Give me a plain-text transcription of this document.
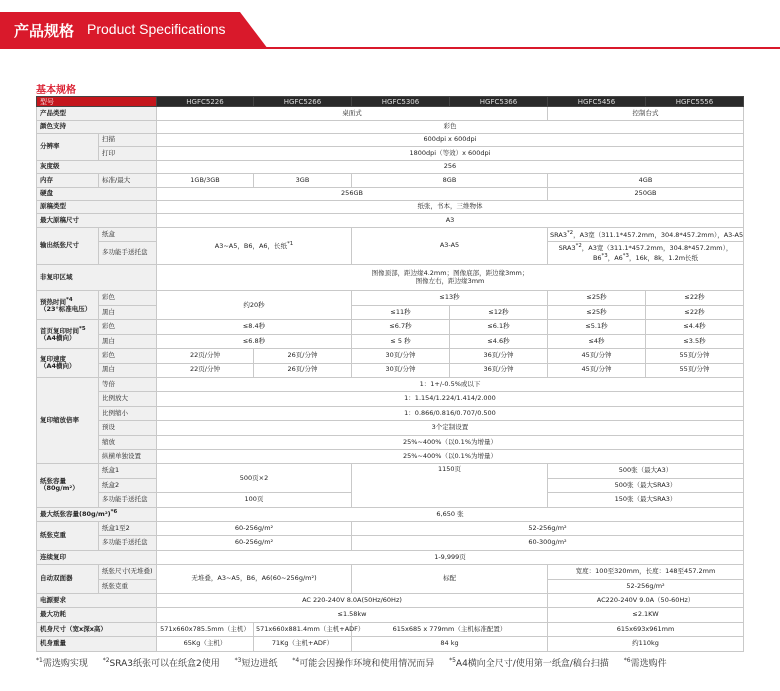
产品规格 Product Specifications
基本规格
型号		HGFC5226	HGFC5266	HGFC5306	HGFC5366	HGFC5456	HGFC5556
产品类型		桌面式				控制台式	
颜色支持		彩色					
分辨率	扫描	600dpi x 600dpi					
	打印	1800dpi（等效）x 600dpi					
灰度级		256					
内存	标准/最大	1GB/3GB	3GB	8GB		4GB	
硬盘		256GB				250GB	
原稿类型		纸张，书本，三维物体					
最大原稿尺寸		A3					
输出纸张尺寸	纸盒	A3~A5，B6，A6，长纸$^{*1}$		A3-A5		SRA3$^{*2}$，A3宽（311.1*457.2mm，304.8*457.2mm），A3-A5	
	多功能手送托盘					SRA3$^{*2}$，A3宽（311.1*457.2mm，304.8*457.2mm），
B6$^{*3}$，A6$^{*3}$，16k，8k，1.2m长纸	
非复印区域		图像顶部，距边缘4.2mm；图像底部，距边缘3mm；
图像左右，距边缘3mm					
预热时间$^{*4}$
（23°标准电压）	彩色	约20秒		≤13秒		≤25秒	≤22秒
	黑白			≤11秒	≤12秒	≤25秒	≤22秒
首页复印时间$^{*5}$
（A4横向）	彩色	≤8.4秒		≤6.7秒	≤6.1秒	≤5.1秒	≤4.4秒
	黑白	≤6.8秒		≤ 5 秒	≤4.6秒	≤4秒	≤3.5秒
复印速度
（A4横向）	彩色	22页/分钟	26页/分钟	30页/分钟	36页/分钟	45页/分钟	55页/分钟
	黑白	22页/分钟	26页/分钟	30页/分钟	36页/分钟	45页/分钟	55页/分钟
复印缩放倍率	等倍	1：1+/-0.5%或以下					
	比例放大	1：1.154/1.224/1.414/2.000					
	比例缩小	1：0.866/0.816/0.707/0.500					
	预设	3个定制设置					
	缩放	25%~400%（以0.1%为增量）					
	纵横单独设置	25%~400%（以0.1%为增量）					
纸张容量
（80g/m²）	纸盒1	500页×2		1150页		500张（最大A3）	
	纸盒2					500张（最大SRA3）	
	多功能手送托盘	100页				150张（最大SRA3）	
最大纸张容量$(80g/m^2)^{*6}$		6,650 张					
纸张克重	纸盒1至2	60-256g/m²		52-256g/m²			
	多功能手送托盘	60-256g/m²		60-300g/m²			
连续复印		1-9,999页					
自动双面器	纸张尺寸(无堆叠)	无堆叠，A3~A5，B6，A6(60~256g/m²)		标配		宽度：100至320mm，长度：148至457.2mm	
	纸张克重					52-256g/m²	
电源要求		AC 220-240V 8.0A(50Hz/60Hz)				AC220-240V 9.0A（50-60Hz）	
最大功耗		≤1.58kw				≤2.1KW	
机身尺寸（宽x深x高）		571x660x785.5mm（主机）	571x660x881.4mm（主机+ADF）	615x685 x 779mm（主机标准配置）		615x693x961mm	
机身重量		65Kg（主机）	71Kg（主机+ADF）	84 kg		约110kg	
$^{*1}$需选购实现 $^{*2}$SRA3纸张可以在纸盒2使用 $^{*3}$短边进纸 $^{*4}$可能会因操作环境和使用情况而异 $^{*5}$A4横向全尺寸/使用第一纸盒/稿台扫描 $^{*6}$需选购件
